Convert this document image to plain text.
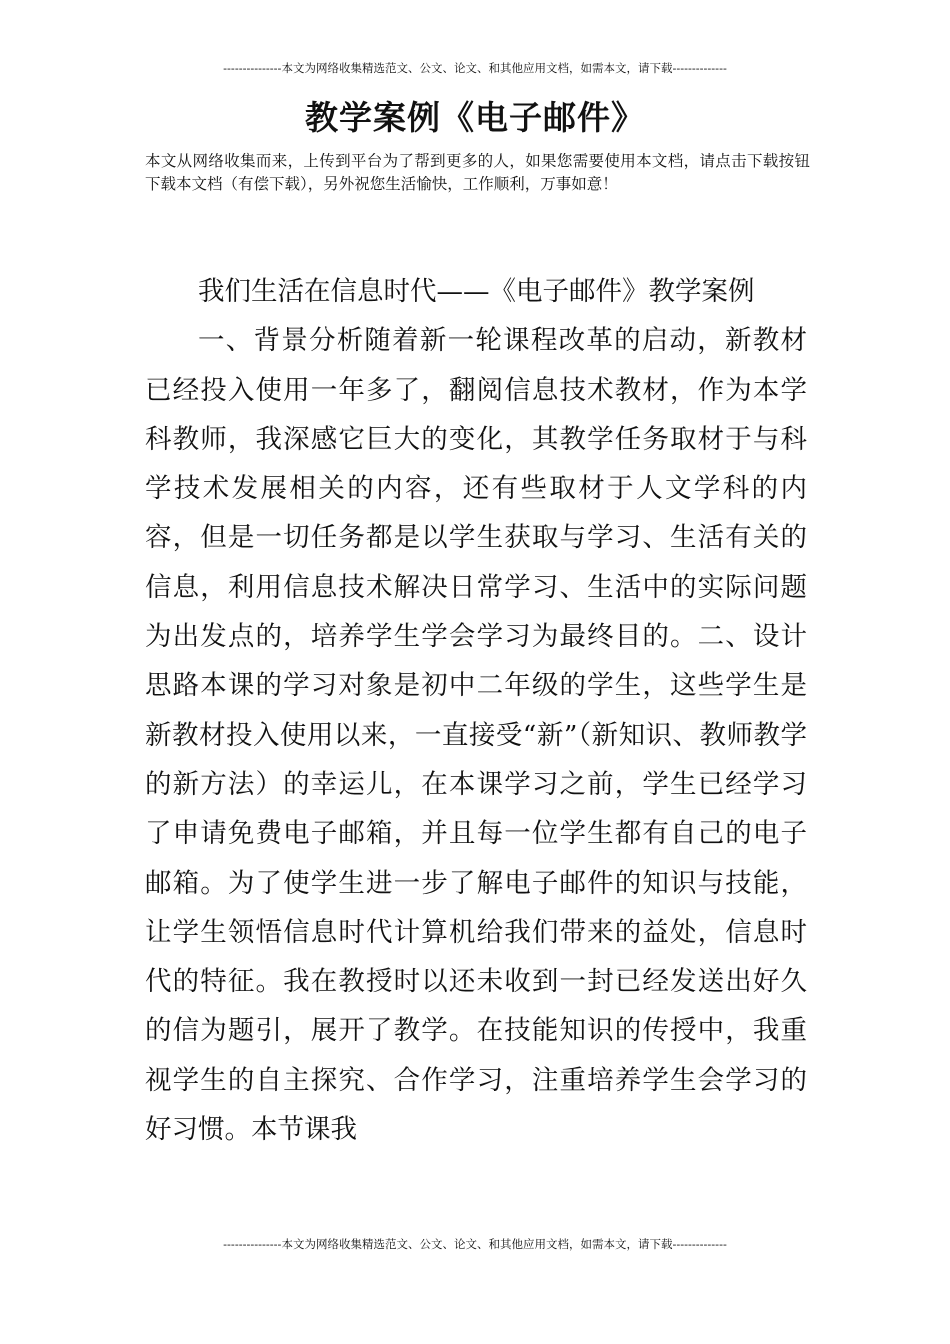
---------------本文为网络收集精选范文、公文、论文、和其他应用文档，如需本文，请下载--------------
教学案例《电子邮件》
本文从网络收集而来，上传到平台为了帮到更多的人，如果您需要使用本文档，请点击下载按钮下载本文档（有偿下载），另外祝您生活愉快，工作顺利，万事如意！

我们生活在信息时代——《电子邮件》教学案例

一、背景分析随着新一轮课程改革的启动，新教材已经投入使用一年多了，翻阅信息技术教材，作为本学科教师，我深感它巨大的变化，其教学任务取材于与科学技术发展相关的内容，还有些取材于人文学科的内容，但是一切任务都是以学生获取与学习、生活有关的信息，利用信息技术解决日常学习、生活中的实际问题为出发点的，培养学生学会学习为最终目的。二、设计思路本课的学习对象是初中二年级的学生，这些学生是新教材投入使用以来，一直接受“新”（新知识、教师教学的新方法）的幸运儿，在本课学习之前，学生已经学习了申请免费电子邮箱，并且每一位学生都有自己的电子邮箱。为了使学生进一步了解电子邮件的知识与技能，让学生领悟信息时代计算机给我们带来的益处，信息时代的特征。我在教授时以还未收到一封已经发送出好久的信为题引，展开了教学。在技能知识的传授中，我重视学生的自主探究、合作学习，注重培养学生会学习的好习惯。本节课我

---------------本文为网络收集精选范文、公文、论文、和其他应用文档，如需本文，请下载--------------
